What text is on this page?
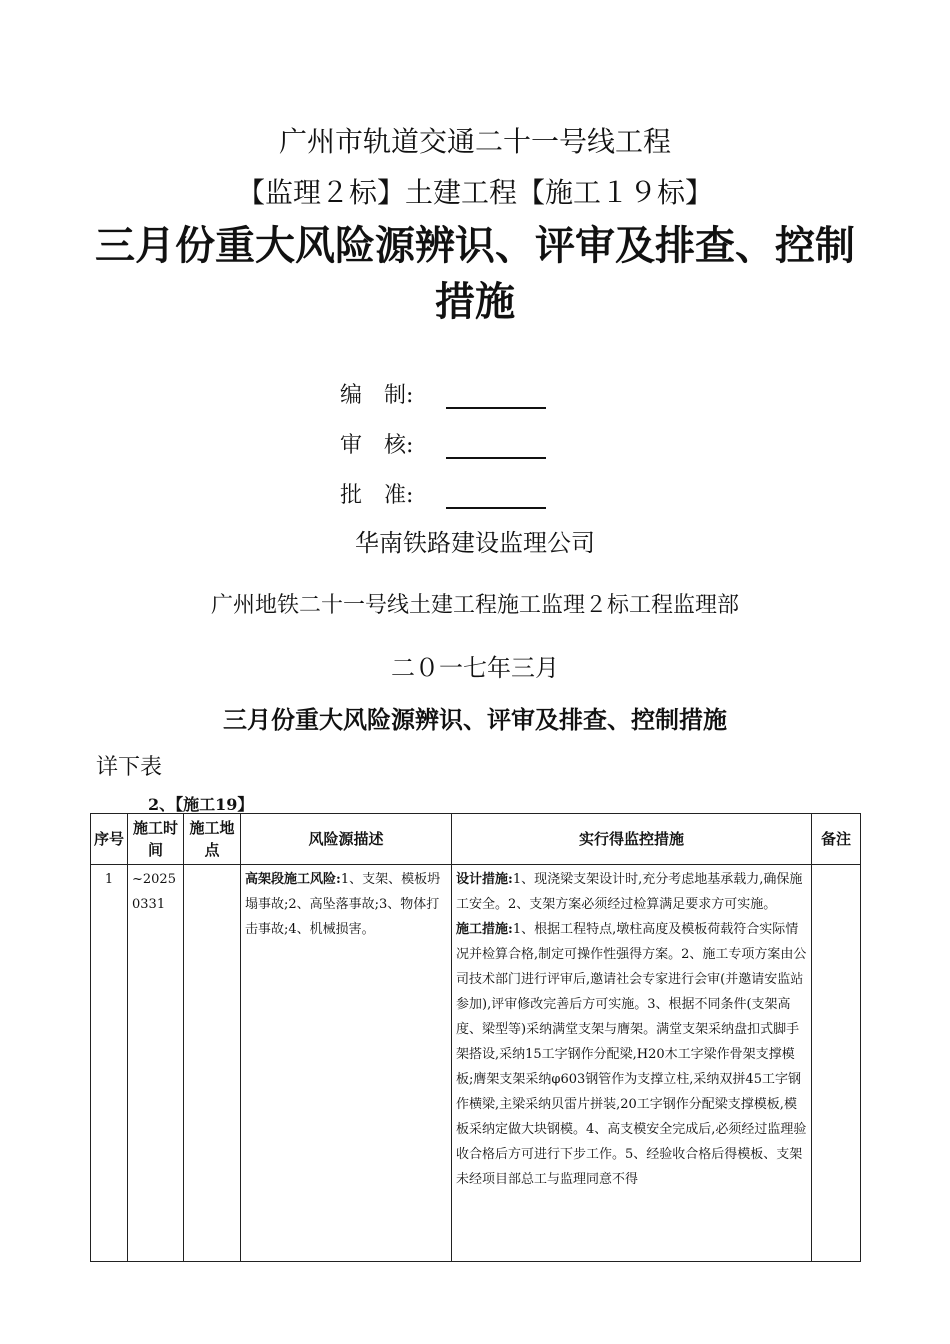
广州市轨道交通二十一号线工程
【监理２标】土建工程【施工１９标】
三月份重大风险源辨识、评审及排查、控制措施
编　制:
审　核:
批　准:
华南铁路建设监理公司
广州地铁二十一号线土建工程施工监理２标工程监理部
二０一七年三月
三月份重大风险源辨识、评审及排查、控制措施
详下表
2、【施工19】
序号	施工时间	施工地点	风险源描述	实行得监控措施	备注
1	~20250331		高架段施工风险:1、支架、模板坍塌事故;2、高坠落事故;3、物体打击事故;4、机械损害。	设计措施:1、现浇梁支架设计时,充分考虑地基承载力,确保施工安全。2、支架方案必须经过检算满足要求方可实施。
施工措施:1、根据工程特点,墩柱高度及模板荷载符合实际情况并检算合格,制定可操作性强得方案。2、施工专项方案由公司技术部门进行评审后,邀请社会专家进行会审(并邀请安监站参加),评审修改完善后方可实施。3、根据不同条件(支架高度、梁型等)采纳满堂支架与膺架。满堂支架采纳盘扣式脚手架搭设,采纳15工字钢作分配梁,H20木工字梁作骨架支撑模板;膺架支架采纳φ603钢管作为支撑立柱,采纳双拼45工字钢作横梁,主梁采纳贝雷片拼装,20工字钢作分配梁支撑模板,模板采纳定做大块钢模。4、高支模安全完成后,必须经过监理验收合格后方可进行下步工作。5、经验收合格后得模板、支架未经项目部总工与监理同意不得	
